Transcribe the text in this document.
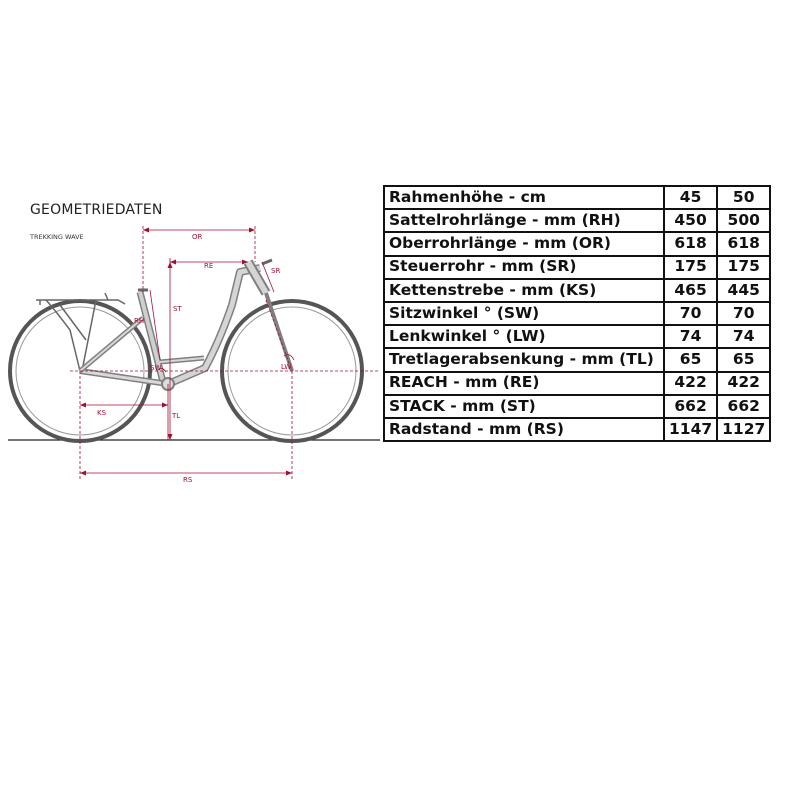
GEOMETRIEDATEN
TREKKING WAVE	OR
RE
SR
RH
ST
SW	LW
KS	TL
RS
Rahmenhöhe - cm	45	50
Sattelrohrlänge - mm (RH)	450	500
Oberrohrlänge - mm (OR)	618	618
Steuerrohr - mm (SR)	175	175
Kettenstrebe - mm (KS)	465	445
Sitzwinkel ° (SW)	70	70
Lenkwinkel ° (LW)	74	74
Tretlagerabsenkung - mm (TL)	65	65
REACH - mm (RE)	422	422
STACK - mm (ST)	662	662
Radstand - mm (RS)	1147	1127
